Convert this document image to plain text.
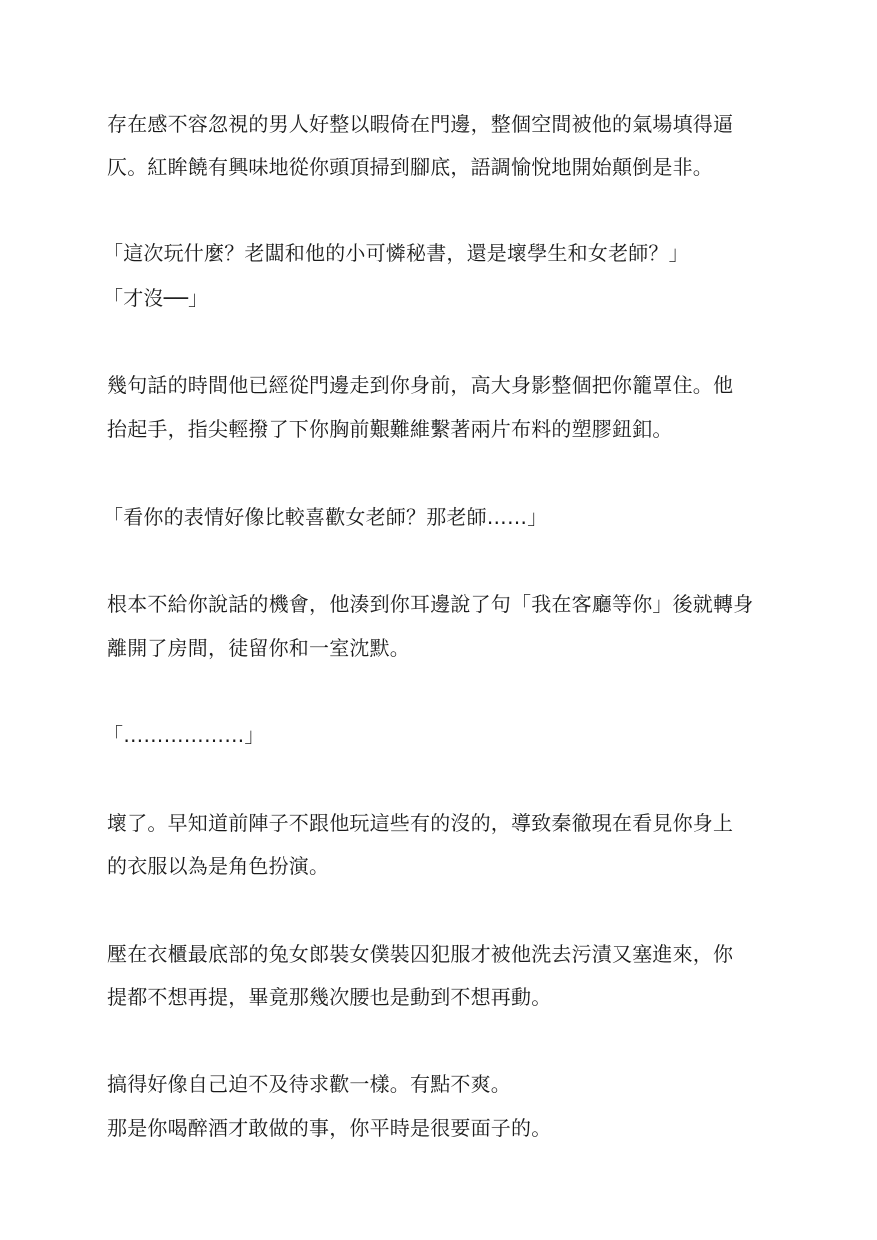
存在感不容忽視的男人好整以暇倚在門邊，整個空間被他的氣場填得逼
仄。紅眸饒有興味地從你頭頂掃到腳底，語調愉悅地開始顛倒是非。
「這次玩什麼？老闆和他的小可憐秘書，還是壞學生和女老師？」
「才沒──」
幾句話的時間他已經從門邊走到你身前，高大身影整個把你籠罩住。他
抬起手，指尖輕撥了下你胸前艱難維繫著兩片布料的塑膠鈕釦。
「看你的表情好像比較喜歡女老師？那老師……」
根本不給你說話的機會，他湊到你耳邊說了句「我在客廳等你」後就轉身
離開了房間，徒留你和一室沈默。
「………………」
壞了。早知道前陣子不跟他玩這些有的沒的，導致秦徹現在看見你身上
的衣服以為是角色扮演。
壓在衣櫃最底部的兔女郎裝女僕裝囚犯服才被他洗去污漬又塞進來，你
提都不想再提，畢竟那幾次腰也是動到不想再動。
搞得好像自己迫不及待求歡一樣。有點不爽。
那是你喝醉酒才敢做的事，你平時是很要面子的。
